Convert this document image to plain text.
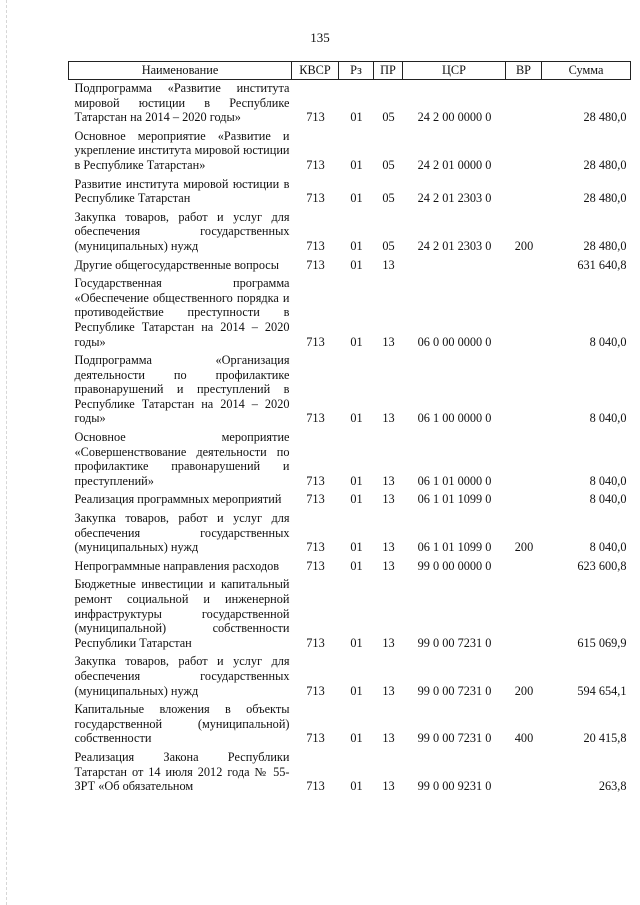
135
Наименование	КВСР	Рз	ПР	ЦСР	ВР	Сумма
Подпрограмма «Развитие института мировой юстиции в Республике Татарстан на 2014 – 2020 годы»	713	01	05	24 2 00 0000 0		28 480,0
Основное мероприятие «Развитие и укрепление института мировой юстиции в Республике Татарстан»	713	01	05	24 2 01 0000 0		28 480,0
Развитие института мировой юстиции в Республике Татарстан	713	01	05	24 2 01 2303 0		28 480,0
Закупка товаров, работ и услуг для обеспечения государственных (муниципальных) нужд	713	01	05	24 2 01 2303 0	200	28 480,0
Другие общегосударственные вопросы	713	01	13			631 640,8
Государственная программа «Обеспечение общественного порядка и противодействие преступности в Республике Татарстан на 2014 – 2020 годы»	713	01	13	06 0 00 0000 0		8 040,0
Подпрограмма «Организация деятельности по профилактике правонарушений и преступлений в Республике Татарстан на 2014 – 2020 годы»	713	01	13	06 1 00 0000 0		8 040,0
Основное мероприятие «Совершенствование деятельности по профилактике правонарушений и преступлений»	713	01	13	06 1 01 0000 0		8 040,0
Реализация программных мероприятий	713	01	13	06 1 01 1099 0		8 040,0
Закупка товаров, работ и услуг для обеспечения государственных (муниципальных) нужд	713	01	13	06 1 01 1099 0	200	8 040,0
Непрограммные направления расходов	713	01	13	99 0 00 0000 0		623 600,8
Бюджетные инвестиции и капитальный ремонт социальной и инженерной инфраструктуры государственной (муниципальной) собственности Республики Татарстан	713	01	13	99 0 00 7231 0		615 069,9
Закупка товаров, работ и услуг для обеспечения государственных (муниципальных) нужд	713	01	13	99 0 00 7231 0	200	594 654,1
Капитальные вложения в объекты государственной (муниципальной) собственности	713	01	13	99 0 00 7231 0	400	20 415,8
Реализация Закона Республики Татарстан от 14 июля 2012 года № 55-ЗРТ «Об обязательном	713	01	13	99 0 00 9231 0		263,8
